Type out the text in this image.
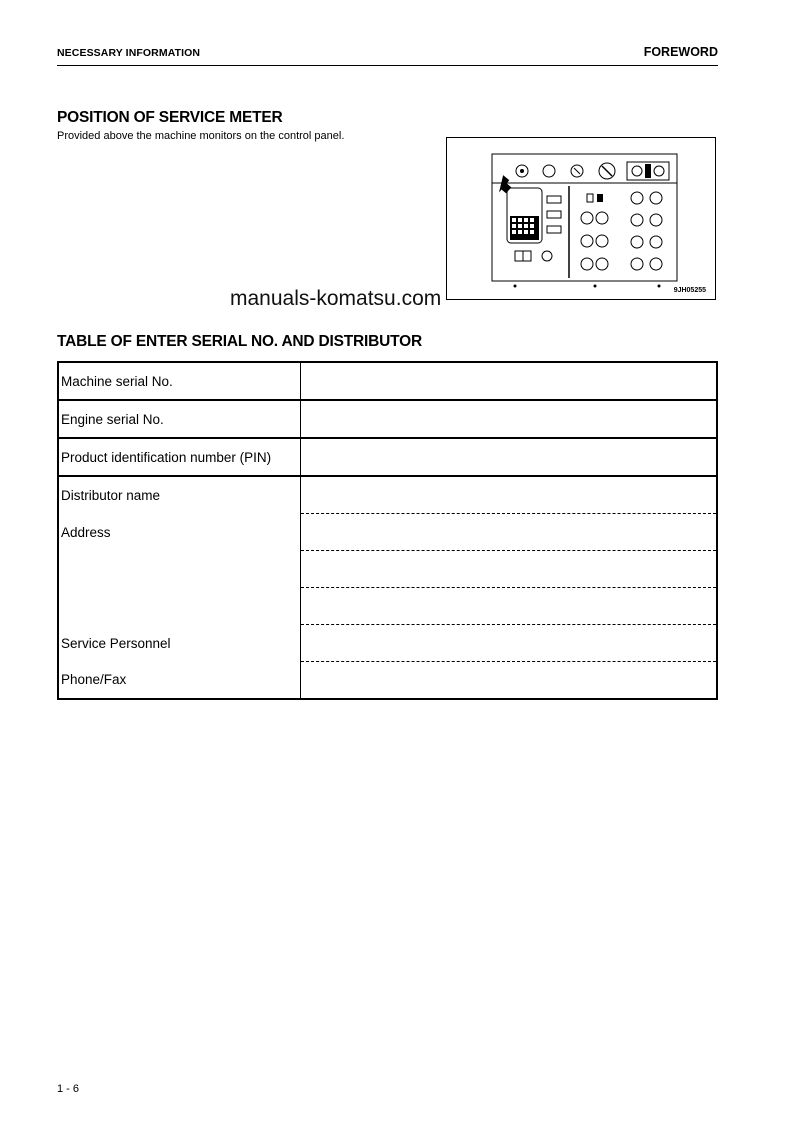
NECESSARY INFORMATION	FOREWORD
POSITION OF SERVICE METER
Provided above the machine monitors on the control panel.
9JH05255
manuals-komatsu.com
TABLE OF ENTER SERIAL NO. AND DISTRIBUTOR
Machine serial No.	
Engine serial No.	
Product identification number (PIN)	
Distributor name	
Address	

Service Personnel	
Phone/Fax	
1 - 6
